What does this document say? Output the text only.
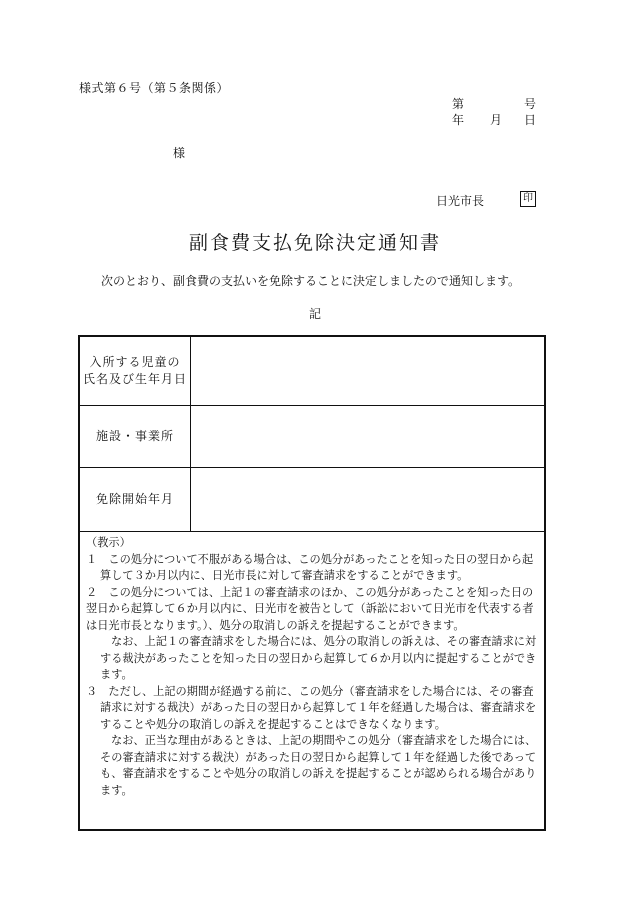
様式第６号（第５条関係）
第	号
年 月 日
様
日光市長	印
副食費支払免除決定通知書
次のとおり、副食費の支払いを免除することに決定しましたので通知します。
記
入所する児童の
氏名及び生年月日
施設・事業所
免除開始年月

（教示）

１　 この処分について不服がある場合は、この処分があったことを知った日の翌日から起算して３か月以内に、日光市長に対して審査請求をすることができます。

２　 この処分については、上記１の審査請求のほか、この処分があったことを知った日の翌日から起算して６か月以内に、日光市を被告として（訴訟において日光市を代表する者は日光市長となります。）、処分の取消しの訴えを提起することができます。

なお、上記１の審査請求をした場合には、処分の取消しの訴えは、その審査請求に対する裁決があったことを知った日の翌日から起算して６か月以内に提起することができます。

３　 ただし、上記の期間が経過する前に、この処分（審査請求をした場合には、その審査請求に対する裁決）があった日の翌日から起算して１年を経過した場合は、審査請求をすることや処分の取消しの訴えを提起することはできなくなります。

なお、正当な理由があるときは、上記の期間やこの処分（審査請求をした場合には、その審査請求に対する裁決）があった日の翌日から起算して１年を経過した後であっても、審査請求をすることや処分の取消しの訴えを提起することが認められる場合があります。
